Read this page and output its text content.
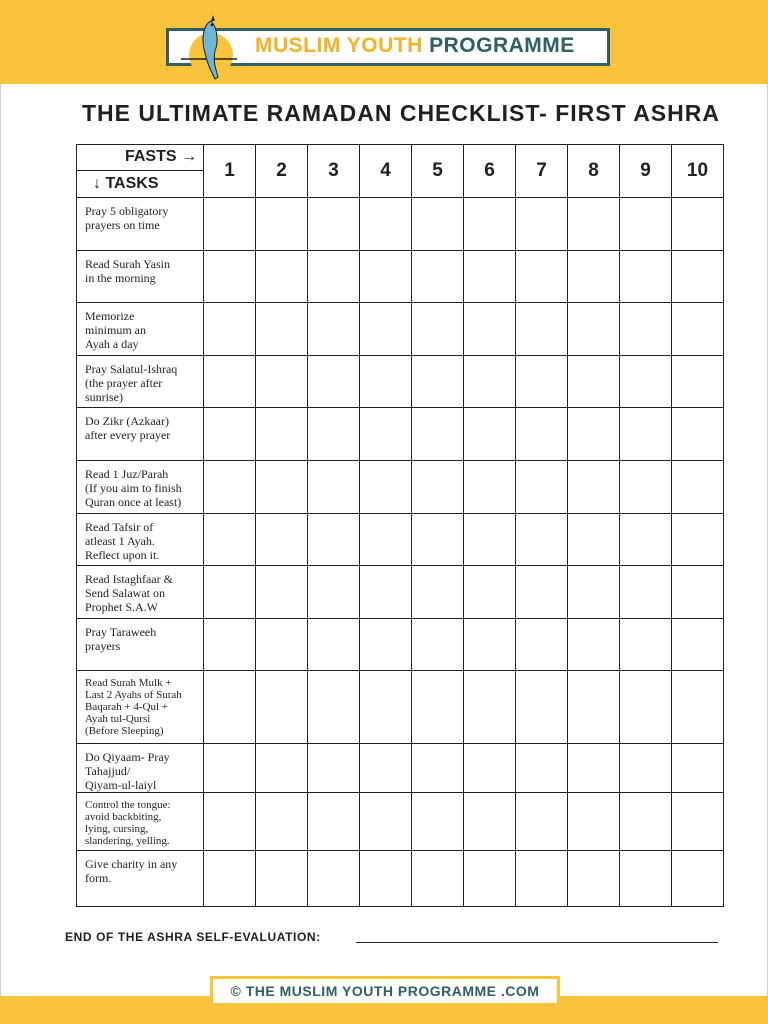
MUSLIM YOUTH PROGRAMME
THE ULTIMATE RAMADAN CHECKLIST- FIRST ASHRA
FASTS →
↓ TASKS	1	2	3	4	5	6	7	8	9	10

Pray 5 obligatory
prayers on time										

Read Surah Yasin
in the morning										

Memorize
minimum an
Ayah a day										

Pray Salatul-Ishraq
(the prayer after
sunrise)										

Do Zikr (Azkaar)
after every prayer										

Read 1 Juz/Parah
(If you aim to finish
Quran once at least)										

Read Tafsir of
atleast 1 Ayah.
Reflect upon it.										

Read Istaghfaar &
Send Salawat on
Prophet S.A.W										

Pray Taraweeh
prayers										

Read Surah Mulk +
Last 2 Ayahs of Surah
Baqarah + 4-Qul +
Ayah tul-Qursi
(Before Sleeping)										

Do Qiyaam- Pray
Tahajjud/
Qiyam-ul-laiyl										

Control the tongue:
avoid backbiting,
lying, cursing,
slandering, yelling.										

Give charity in any
form.										

END OF THE ASHRA SELF-EVALUATION:
© THE MUSLIM YOUTH PROGRAMME .COM
